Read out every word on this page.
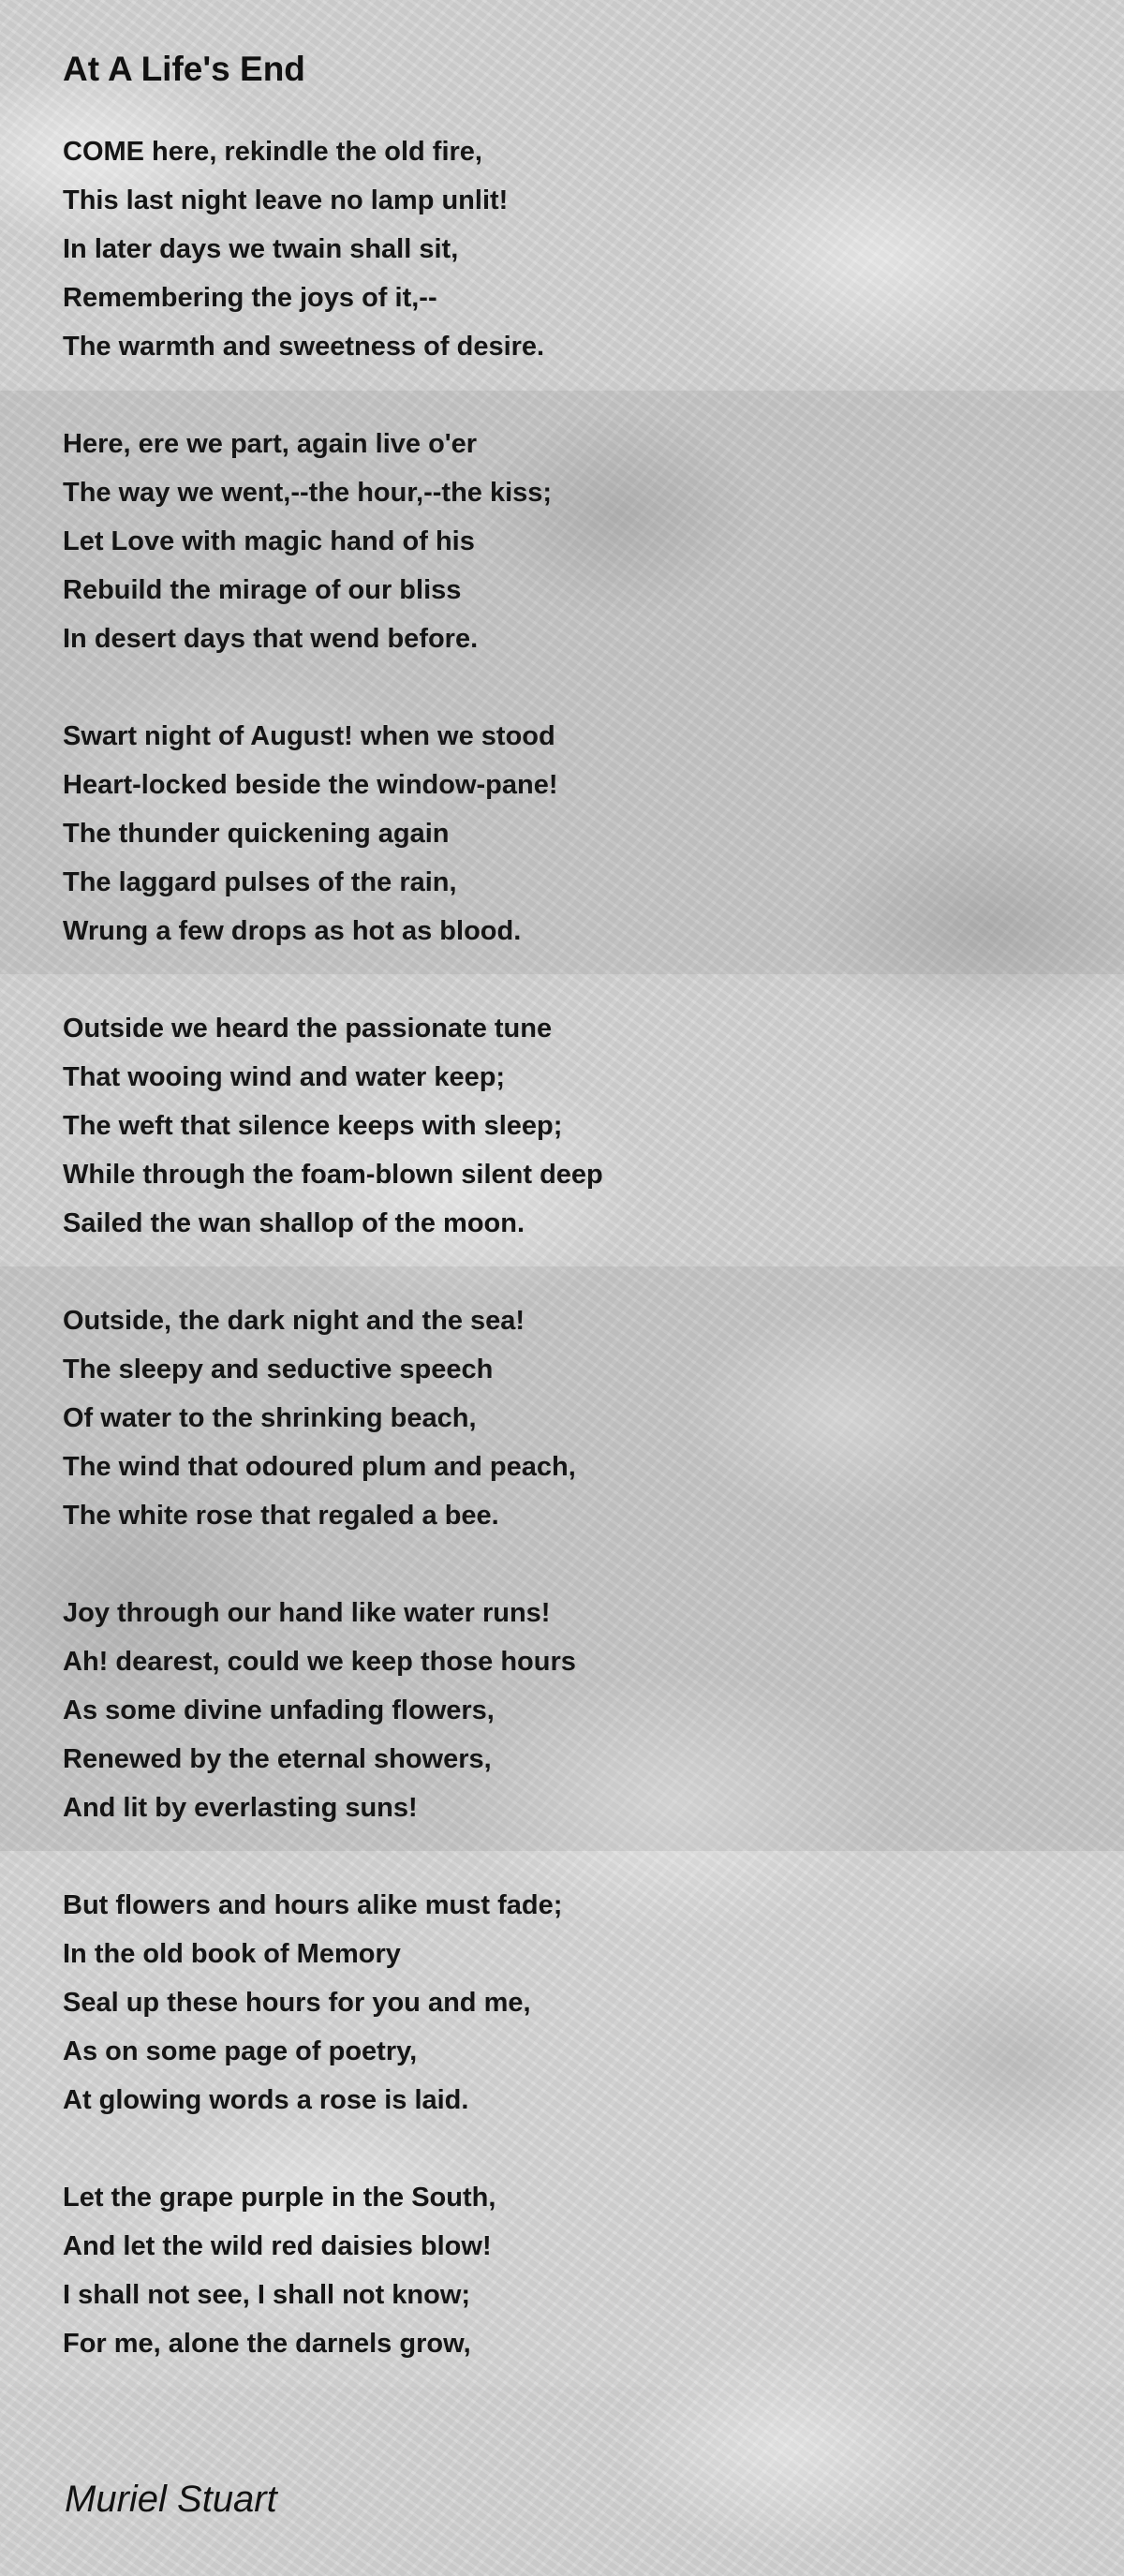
At A Life's End
COME here, rekindle the old fire,
This last night leave no lamp unlit!
In later days we twain shall sit,
Remembering the joys of it,--
The warmth and sweetness of desire.
Here, ere we part, again live o'er
The way we went,--the hour,--the kiss;
Let Love with magic hand of his
Rebuild the mirage of our bliss
In desert days that wend before.
Swart night of August! when we stood
Heart-locked beside the window-pane!
The thunder quickening again
The laggard pulses of the rain,
Wrung a few drops as hot as blood.
Outside we heard the passionate tune
That wooing wind and water keep;
The weft that silence keeps with sleep;
While through the foam-blown silent deep
Sailed the wan shallop of the moon.
Outside, the dark night and the sea!
The sleepy and seductive speech
Of water to the shrinking beach,
The wind that odoured plum and peach,
The white rose that regaled a bee.
Joy through our hand like water runs!
Ah! dearest, could we keep those hours
As some divine unfading flowers,
Renewed by the eternal showers,
And lit by everlasting suns!
But flowers and hours alike must fade;
In the old book of Memory
Seal up these hours for you and me,
As on some page of poetry,
At glowing words a rose is laid.
Let the grape purple in the South,
And let the wild red daisies blow!
I shall not see, I shall not know;
For me, alone the darnels grow,
Muriel Stuart
